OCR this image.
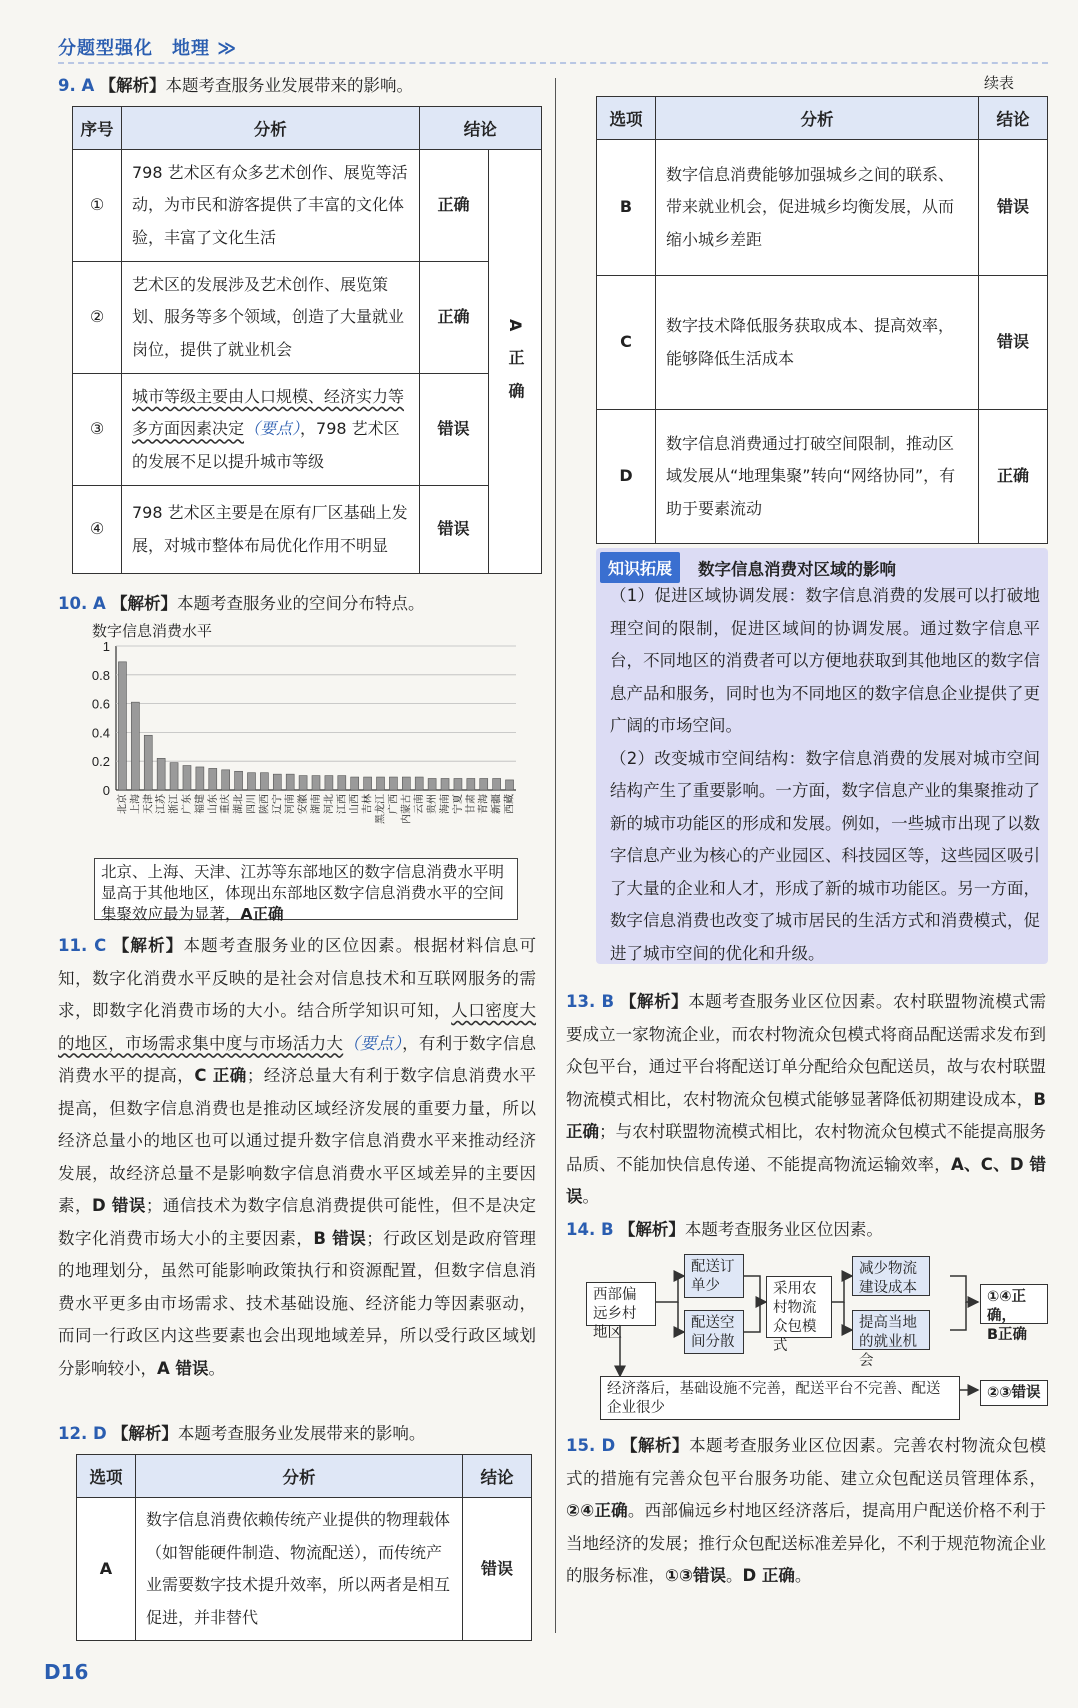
分题型强化　地理 ≫
续表
9. A 【解析】本题考查服务业发展带来的影响。
序号	分析	结论	
①	798 艺术区有众多艺术创作、展览等活动，为市民和游客提供了丰富的文化体验，丰富了文化生活	正确	A 正 确
②	艺术区的发展涉及艺术创作、展览策划、服务等多个领域，创造了大量就业岗位，提供了就业机会	正确	
③	城市等级主要由人口规模、经济实力等多方面因素决定（要点），798 艺术区的发展不足以提升城市等级	错误	
④	798 艺术区主要是在原有厂区基础上发展，对城市整体布局优化作用不明显	错误	
10. A 【解析】本题考查服务业的空间分布特点。
数字信息消费水平
0
0.2
0.4
0.6
0.8
1
北京 上海 天津 江苏 浙江 广东 福建 山东 重庆 湖北 四川 陕西 辽宁 河南 安徽 湖南 河北 江西 山西 吉林 黑龙江 广西 内蒙古 云南 贵州 海南 宁夏 甘肃 青海 新疆 西藏
北京、上海、天津、江苏等东部地区的数字信息消费水平明显高于其他地区，体现出东部地区数字信息消费水平的空间集聚效应最为显著，A正确
11. C 【解析】本题考查服务业的区位因素。根据材料信息可知，数字化消费水平反映的是社会对信息技术和互联网服务的需求，即数字化消费市场的大小。结合所学知识可知，人口密度大的地区，市场需求集中度与市场活力大（要点），有利于数字信息消费水平的提高，C 正确；经济总量大有利于数字信息消费水平提高，但数字信息消费也是推动区域经济发展的重要力量，所以经济总量小的地区也可以通过提升数字信息消费水平来推动经济发展，故经济总量不是影响数字信息消费水平区域差异的主要因素，D 错误；通信技术为数字信息消费提供可能性，但不是决定数字化消费市场大小的主要因素，B 错误；行政区划是政府管理的地理划分，虽然可能影响政策执行和资源配置，但数字信息消费水平更多由市场需求、技术基础设施、经济能力等因素驱动，而同一行政区内这些要素也会出现地域差异，所以受行政区域划分影响较小，A 错误。
12. D 【解析】本题考查服务业发展带来的影响。
选项	分析	结论
A	数字信息消费依赖传统产业提供的物理载体（如智能硬件制造、物流配送），而传统产业需要数字技术提升效率，所以两者是相互促进，并非替代	错误
选项	分析	结论
B	数字信息消费能够加强城乡之间的联系、带来就业机会，促进城乡均衡发展，从而缩小城乡差距	错误
C	数字技术降低服务获取成本、提高效率，能够降低生活成本	错误
D	数字信息消费通过打破空间限制，推动区域发展从“地理集聚”转向“网络协同”，有助于要素流动	正确
知识拓展	数字信息消费对区域的影响
（1）促进区域协调发展：数字信息消费的发展可以打破地理空间的限制，促进区域间的协调发展。通过数字信息平台，不同地区的消费者可以方便地获取到其他地区的数字信息产品和服务，同时也为不同地区的数字信息企业提供了更广阔的市场空间。
（2）改变城市空间结构：数字信息消费的发展对城市空间结构产生了重要影响。一方面，数字信息产业的集聚推动了新的城市功能区的形成和发展。例如，一些城市出现了以数字信息产业为核心的产业园区、科技园区等，这些园区吸引了大量的企业和人才，形成了新的城市功能区。另一方面，数字信息消费也改变了城市居民的生活方式和消费模式，促进了城市空间的优化和升级。
13. B 【解析】本题考查服务业区位因素。农村联盟物流模式需要成立一家物流企业，而农村物流众包模式将商品配送需求发布到众包平台，通过平台将配送订单分配给众包配送员，故与农村联盟物流模式相比，农村物流众包模式能够显著降低初期建设成本，B 正确；与农村联盟物流模式相比，农村物流众包模式不能提高服务品质、不能加快信息传递、不能提高物流运输效率，A、C、D 错误。
14. B 【解析】本题考查服务业区位因素。
西部偏远乡村地区
配送订单少
配送空间分散
采用农村物流众包模式
减少物流建设成本
提高当地的就业机会
①④正确，
B正确
经济落后，基础设施不完善，配送平台不完善、配送企业很少
②③错误
15. D 【解析】本题考查服务业区位因素。完善农村物流众包模式的措施有完善众包平台服务功能、建立众包配送员管理体系，②④正确。西部偏远乡村地区经济落后，提高用户配送价格不利于当地经济的发展；推行众包配送标准差异化，不利于规范物流企业的服务标准，①③错误。D 正确。
D16
